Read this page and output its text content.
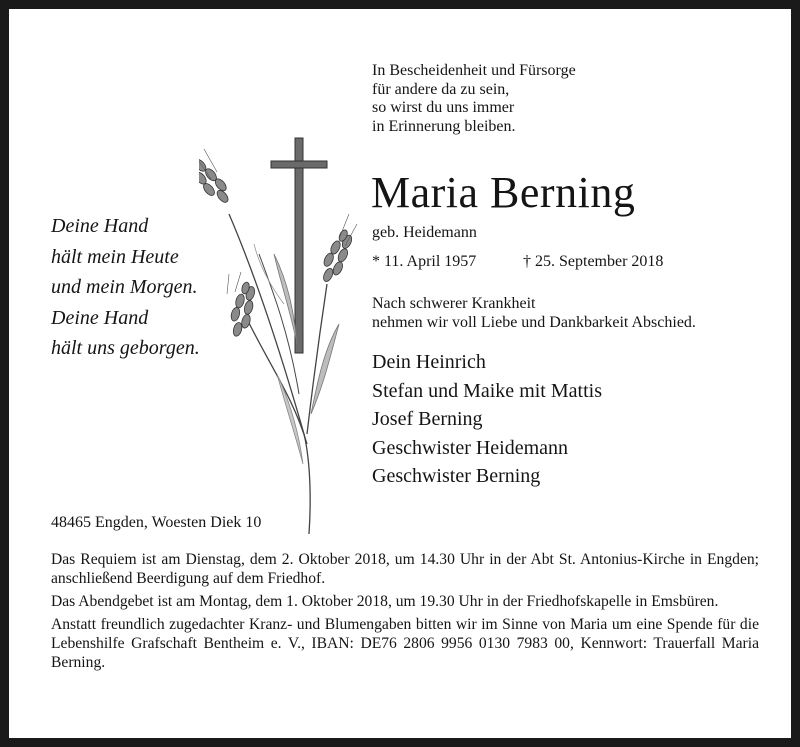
In Bescheidenheit und Fürsorge
für andere da zu sein,
so wirst du uns immer
in Erinnerung bleiben.
Maria Berning
geb. Heidemann
* 11. April 1957	† 25. September 2018
Deine Hand
hält mein Heute
und mein Morgen.
Deine Hand
hält uns geborgen.
Nach schwerer Krankheit
nehmen wir voll Liebe und Dankbarkeit Abschied.
Dein Heinrich
Stefan und Maike mit Mattis
Josef Berning
Geschwister Heidemann
Geschwister Berning
48465 Engden, Woesten Diek 10

Das Requiem ist am Dienstag, dem 2. Oktober 2018, um 14.30 Uhr in der Abt St. Antonius-Kirche in Engden; anschließend Beerdigung auf dem Friedhof.

Das Abendgebet ist am Montag, dem 1. Oktober 2018, um 19.30 Uhr in der Friedhofskapelle in Emsbüren.

Anstatt freundlich zugedachter Kranz- und Blumengaben bitten wir im Sinne von Maria um eine Spende für die Lebenshilfe Grafschaft Bentheim e. V., IBAN: DE76 2806 9956 0130 7983 00, Kennwort: Trauerfall Maria Berning.
